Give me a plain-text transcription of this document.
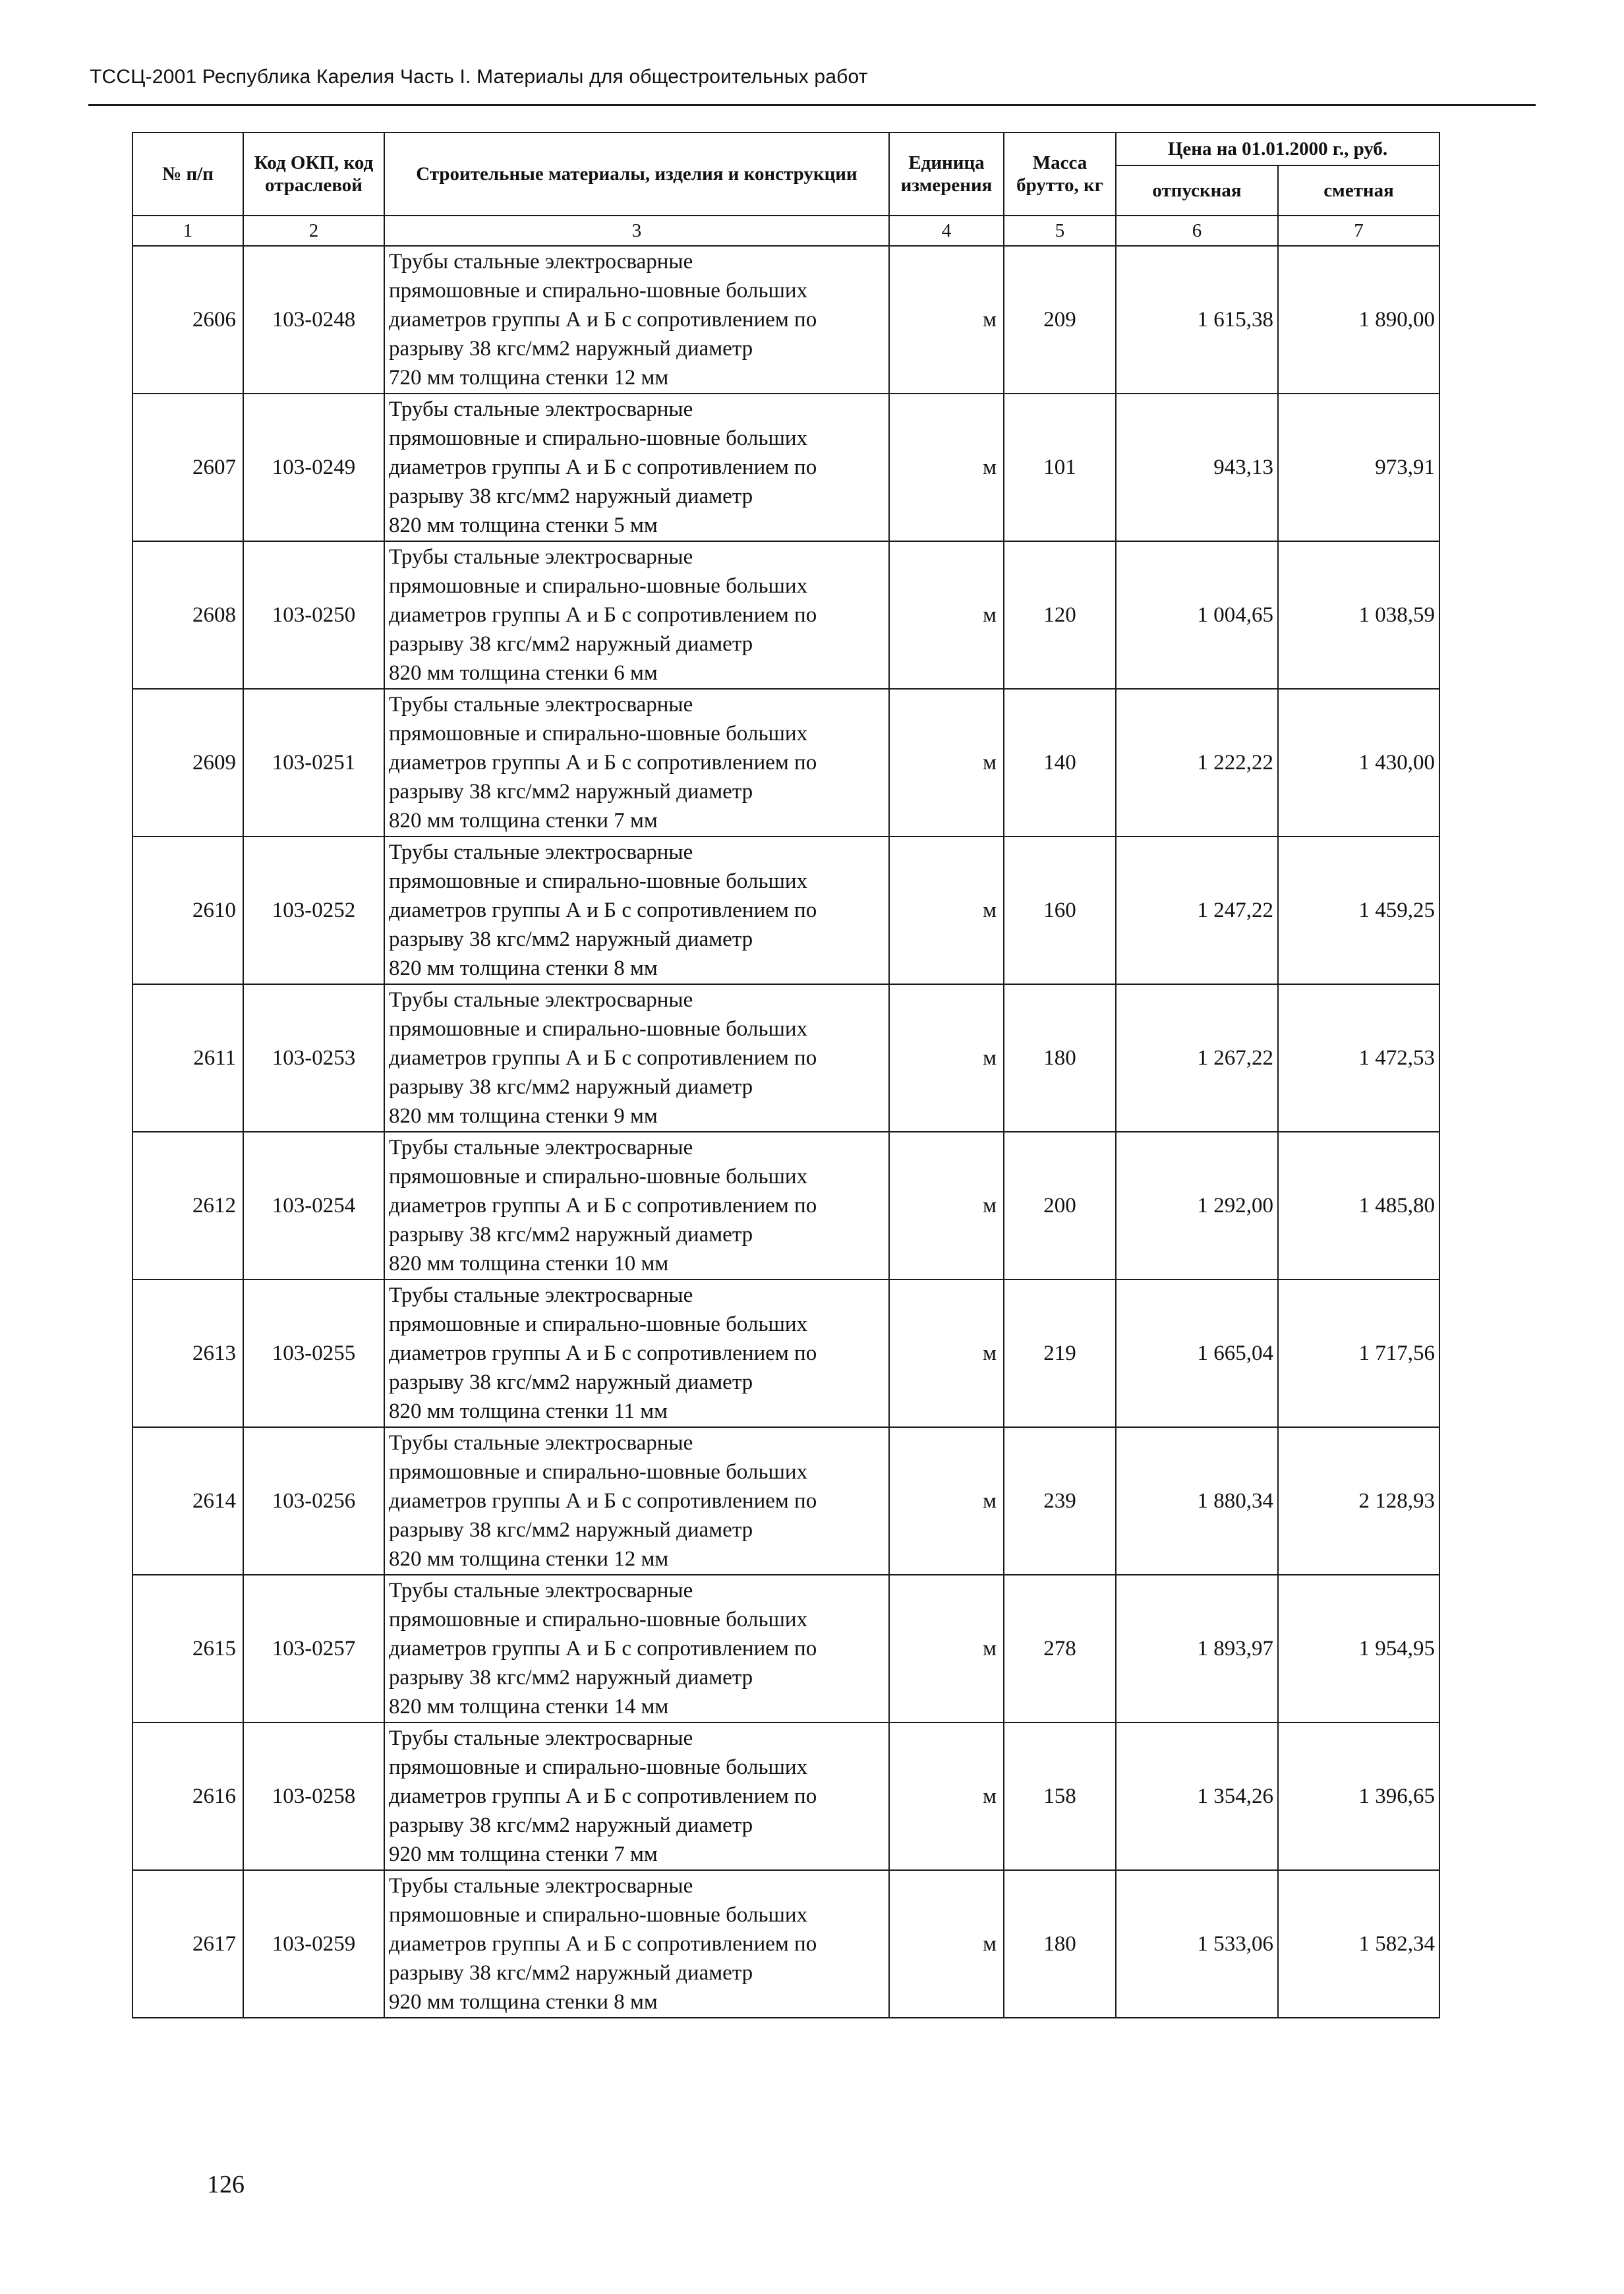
ТССЦ-2001 Республика Карелия Часть I. Материалы для общестроительных работ
№ п/п	Код ОКП, код отраслевой	Строительные материалы, изделия и конструкции	Единица измерения	Масса брутто, кг	Цена на 01.01.2000 г., руб.	
					отпускная	сметная
1	2	3	4	5	6	7
2606	103-0248	Трубы стальные электросварные
прямошовные и спирально-шовные больших
диаметров группы А и Б с сопротивлением по
разрыву 38 кгс/мм2 наружный диаметр
720 мм толщина стенки 12 мм	м	209	1 615,38	1 890,00
2607	103-0249	Трубы стальные электросварные
прямошовные и спирально-шовные больших
диаметров группы А и Б с сопротивлением по
разрыву 38 кгс/мм2 наружный диаметр
820 мм толщина стенки 5 мм	м	101	943,13	973,91
2608	103-0250	Трубы стальные электросварные
прямошовные и спирально-шовные больших
диаметров группы А и Б с сопротивлением по
разрыву 38 кгс/мм2 наружный диаметр
820 мм толщина стенки 6 мм	м	120	1 004,65	1 038,59
2609	103-0251	Трубы стальные электросварные
прямошовные и спирально-шовные больших
диаметров группы А и Б с сопротивлением по
разрыву 38 кгс/мм2 наружный диаметр
820 мм толщина стенки 7 мм	м	140	1 222,22	1 430,00
2610	103-0252	Трубы стальные электросварные
прямошовные и спирально-шовные больших
диаметров группы А и Б с сопротивлением по
разрыву 38 кгс/мм2 наружный диаметр
820 мм толщина стенки 8 мм	м	160	1 247,22	1 459,25
2611	103-0253	Трубы стальные электросварные
прямошовные и спирально-шовные больших
диаметров группы А и Б с сопротивлением по
разрыву 38 кгс/мм2 наружный диаметр
820 мм толщина стенки 9 мм	м	180	1 267,22	1 472,53
2612	103-0254	Трубы стальные электросварные
прямошовные и спирально-шовные больших
диаметров группы А и Б с сопротивлением по
разрыву 38 кгс/мм2 наружный диаметр
820 мм толщина стенки 10 мм	м	200	1 292,00	1 485,80
2613	103-0255	Трубы стальные электросварные
прямошовные и спирально-шовные больших
диаметров группы А и Б с сопротивлением по
разрыву 38 кгс/мм2 наружный диаметр
820 мм толщина стенки 11 мм	м	219	1 665,04	1 717,56
2614	103-0256	Трубы стальные электросварные
прямошовные и спирально-шовные больших
диаметров группы А и Б с сопротивлением по
разрыву 38 кгс/мм2 наружный диаметр
820 мм толщина стенки 12 мм	м	239	1 880,34	2 128,93
2615	103-0257	Трубы стальные электросварные
прямошовные и спирально-шовные больших
диаметров группы А и Б с сопротивлением по
разрыву 38 кгс/мм2 наружный диаметр
820 мм толщина стенки 14 мм	м	278	1 893,97	1 954,95
2616	103-0258	Трубы стальные электросварные
прямошовные и спирально-шовные больших
диаметров группы А и Б с сопротивлением по
разрыву 38 кгс/мм2 наружный диаметр
920 мм толщина стенки 7 мм	м	158	1 354,26	1 396,65
2617	103-0259	Трубы стальные электросварные
прямошовные и спирально-шовные больших
диаметров группы А и Б с сопротивлением по
разрыву 38 кгс/мм2 наружный диаметр
920 мм толщина стенки 8 мм	м	180	1 533,06	1 582,34
126
